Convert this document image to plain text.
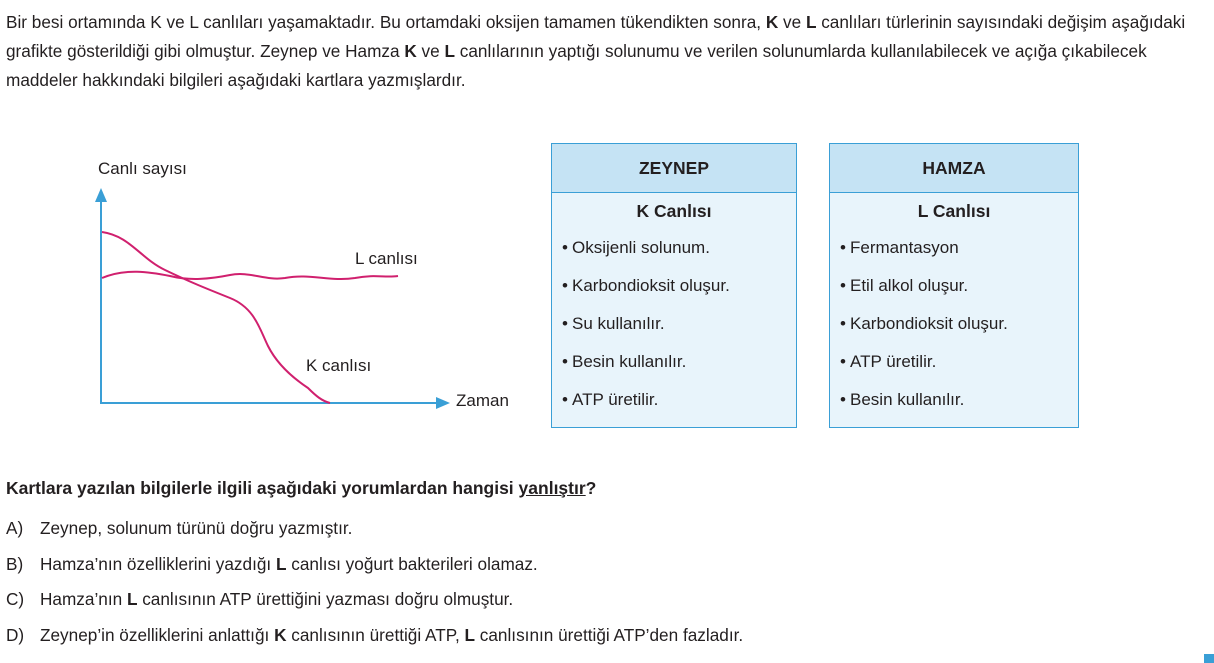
Bir besi ortamında K ve L canlıları yaşamaktadır. Bu ortamdaki oksijen tamamen tükendikten sonra, K ve L canlıları türlerinin sayısındaki değişim aşağıdaki grafikte gösterildiği gibi olmuştur. Zeynep ve Hamza K ve L canlılarının yaptığı solunumu ve verilen solunumlarda kullanılabilecek ve açığa çıkabilecek maddeler hakkındaki bilgileri aşağıdaki kartlara yazmışlardır.
Canlı sayısı
Zaman
L canlısı
K canlısı
ZEYNEP
K Canlısı
• Oksijenli solunum.
• Karbondioksit oluşur.
• Su kullanılır.
• Besin kullanılır.
• ATP üretilir.
HAMZA
L Canlısı
• Fermantasyon
• Etil alkol oluşur.
• Karbondioksit oluşur.
• ATP üretilir.
• Besin kullanılır.
Kartlara yazılan bilgilerle ilgili aşağıdaki yorumlardan hangisi yanlıştır?
A) Zeynep, solunum türünü doğru yazmıştır.
B) Hamza’nın özelliklerini yazdığı L canlısı yoğurt bakterileri olamaz.
C) Hamza’nın L canlısının ATP ürettiğini yazması doğru olmuştur.
D) Zeynep’in özelliklerini anlattığı K canlısının ürettiği ATP, L canlısının ürettiği ATP’den fazladır.
